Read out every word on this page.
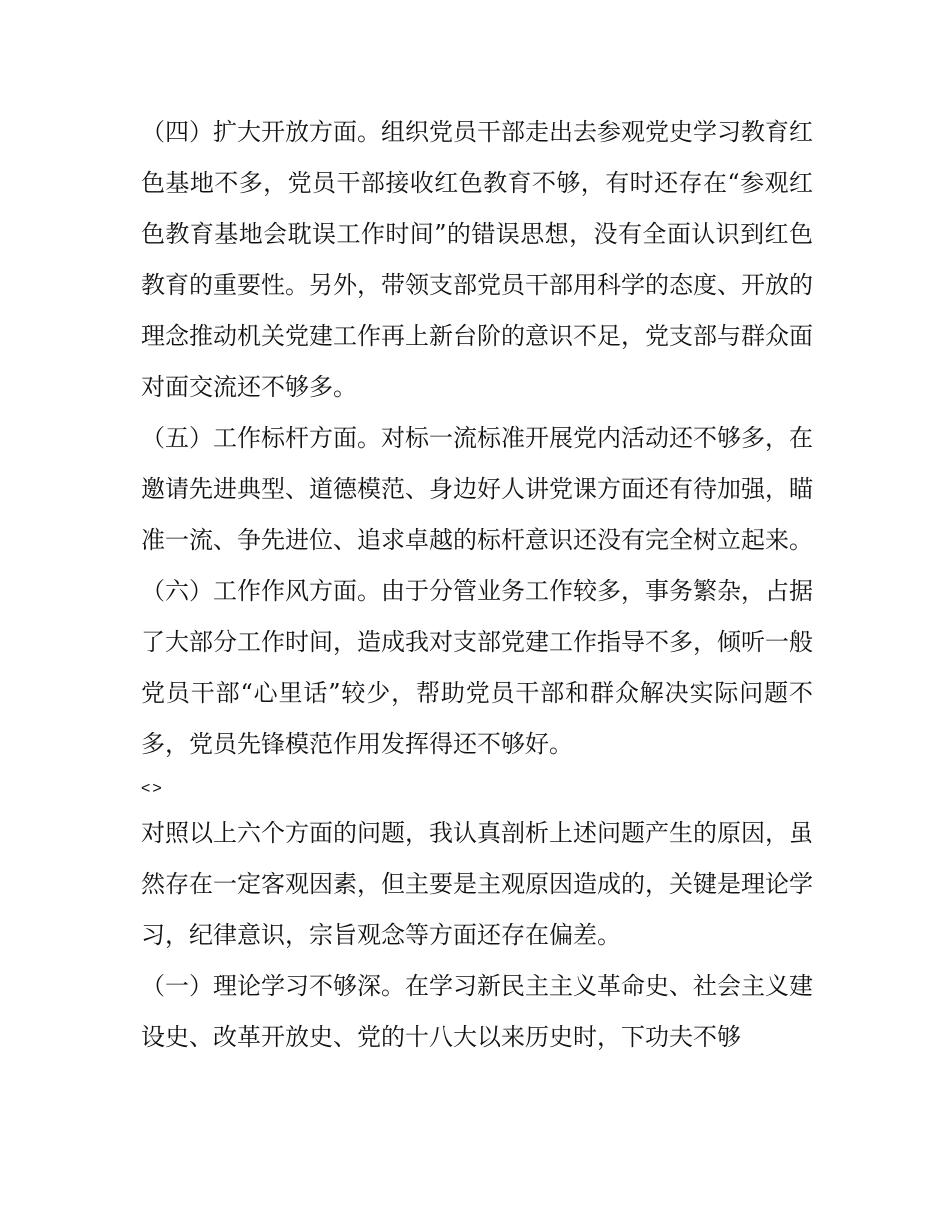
（四）扩大开放方面。组织党员干部走出去参观党史学习教育红色基地不多，党员干部接收红色教育不够，有时还存在“参观红色教育基地会耽误工作时间”的错误思想，没有全面认识到红色教育的重要性。另外，带领支部党员干部用科学的态度、开放的理念推动机关党建工作再上新台阶的意识不足，党支部与群众面对面交流还不够多。

（五）工作标杆方面。对标一流标准开展党内活动还不够多，在邀请先进典型、道德模范、身边好人讲党课方面还有待加强，瞄准一流、争先进位、追求卓越的标杆意识还没有完全树立起来。

（六）工作作风方面。由于分管业务工作较多，事务繁杂，占据了大部分工作时间，造成我对支部党建工作指导不多，倾听一般党员干部“心里话”较少，帮助党员干部和群众解决实际问题不多，党员先锋模范作用发挥得还不够好。

<>

对照以上六个方面的问题，我认真剖析上述问题产生的原因，虽然存在一定客观因素，但主要是主观原因造成的，关键是理论学习，纪律意识，宗旨观念等方面还存在偏差。

（一）理论学习不够深。在学习新民主主义革命史、社会主义建设史、改革开放史、党的十八大以来历史时，下功夫不够
